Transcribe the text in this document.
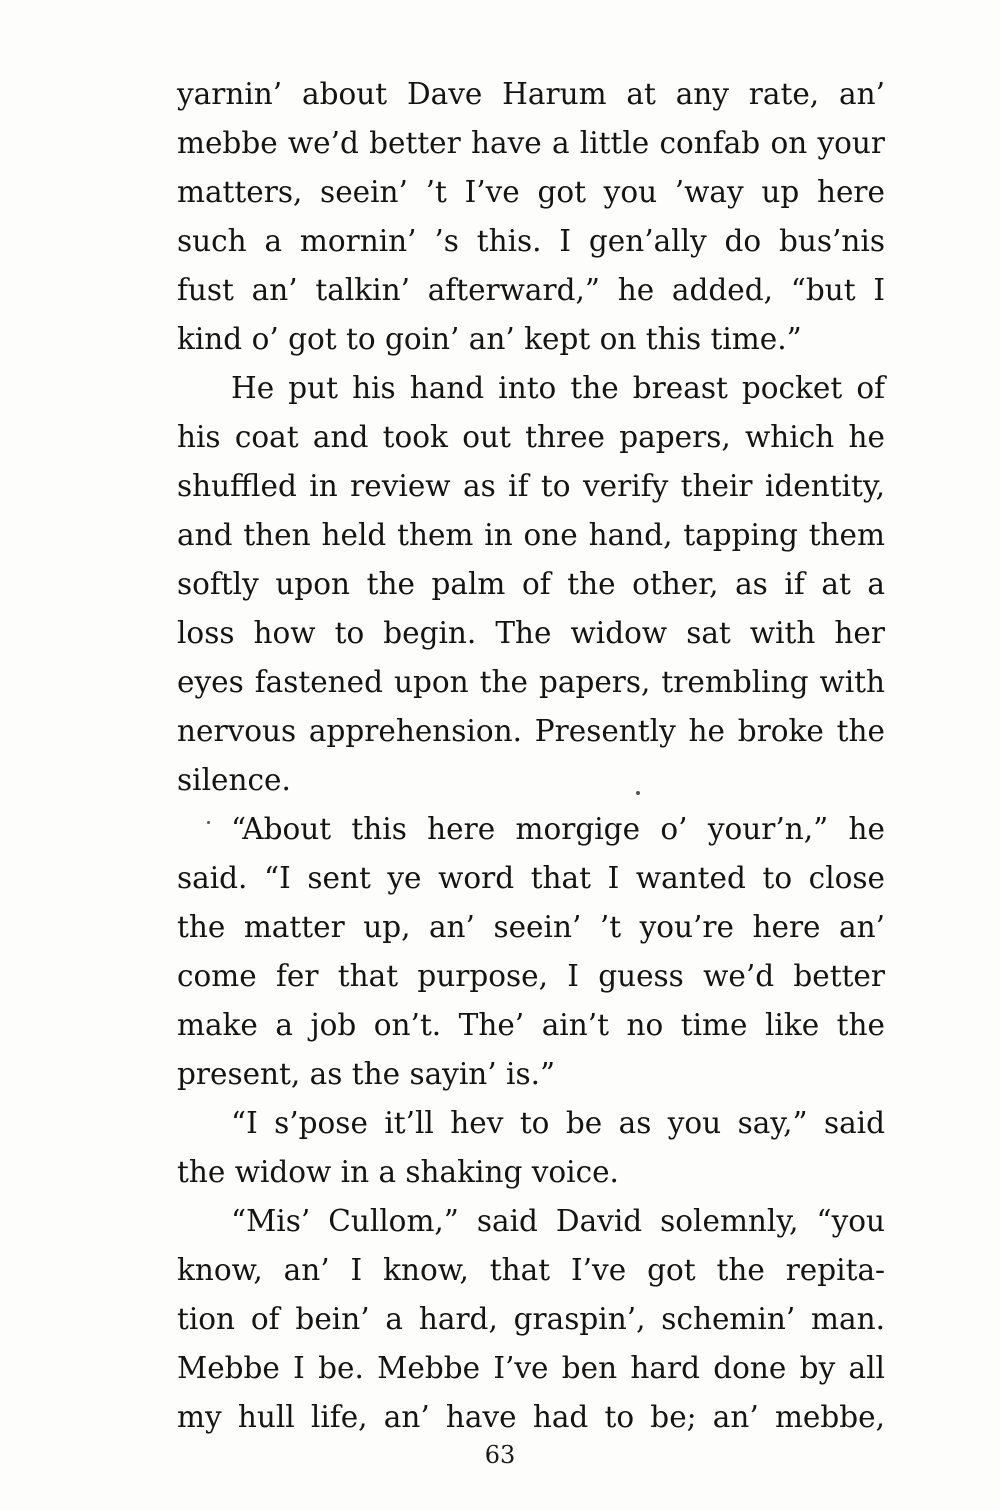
yarnin’ about Dave Harum at any rate, an’
mebbe we’d better have a little confab on your
matters, seein’ ’t I’ve got you ’way up here
such a mornin’ ’s this. I gen’ally do bus’nis
fust an’ talkin’ afterward,” he added, “but I
kind o’ got to goin’ an’ kept on this time.”
He put his hand into the breast pocket of
his coat and took out three papers, which he
shuffled in review as if to verify their identity,
and then held them in one hand, tapping them
softly upon the palm of the other, as if at a
loss how to begin. The widow sat with her
eyes fastened upon the papers, trembling with
nervous apprehension. Presently he broke the
silence.
“About this here morgige o’ your’n,” he
said. “I sent ye word that I wanted to close
the matter up, an’ seein’ ’t you’re here an’
come fer that purpose, I guess we’d better
make a job on’t. The’ ain’t no time like the
present, as the sayin’ is.”
“I s’pose it’ll hev to be as you say,” said
the widow in a shaking voice.
“Mis’ Cullom,” said David solemnly, “you
know, an’ I know, that I’ve got the repita-
tion of bein’ a hard, graspin’, schemin’ man.
Mebbe I be. Mebbe I’ve ben hard done by all
my hull life, an’ have had to be; an’ mebbe,
63
